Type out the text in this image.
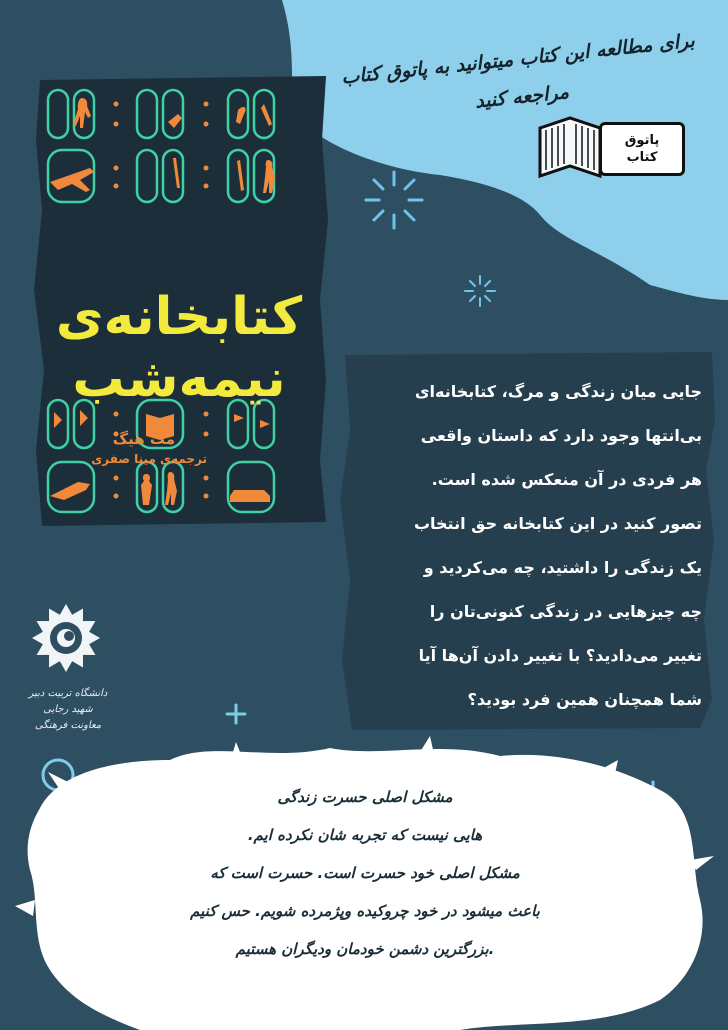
برای مطالعه این کتاب میتوانید به پاتوق کتاب مراجعه کنید
پاتوق
کتاب
کتابخانه‌ی
نیمه‌شب
مت هیگ
ترجمه‌ی مینا صفری
دانشگاه تربیت دبیر شهید رجایی
معاونت فرهنگی
جایی میان زندگی و مرگ، کتابخانه‌ای
بی‌انتها وجود دارد که داستان واقعی
هر فردی در آن منعکس شده است.
تصور کنید در این کتابخانه حق انتخاب
یک زندگی را داشتید، چه می‌کردید و
چه چیزهایی در زندگی کنونی‌تان را
تغییر می‌دادید؟ با تغییر دادن آن‌ها آیا
شما همچنان همین فرد بودید؟
مشکل اصلی حسرت زندگی
هایی نیست که تجربه شان نکرده ایم.
مشکل اصلی خود حسرت است. حسرت است که
باعث میشود در خود چروکیده وپژمرده شویم. حس کنیم
.بزرگترین دشمن خودمان ودیگران هستیم
